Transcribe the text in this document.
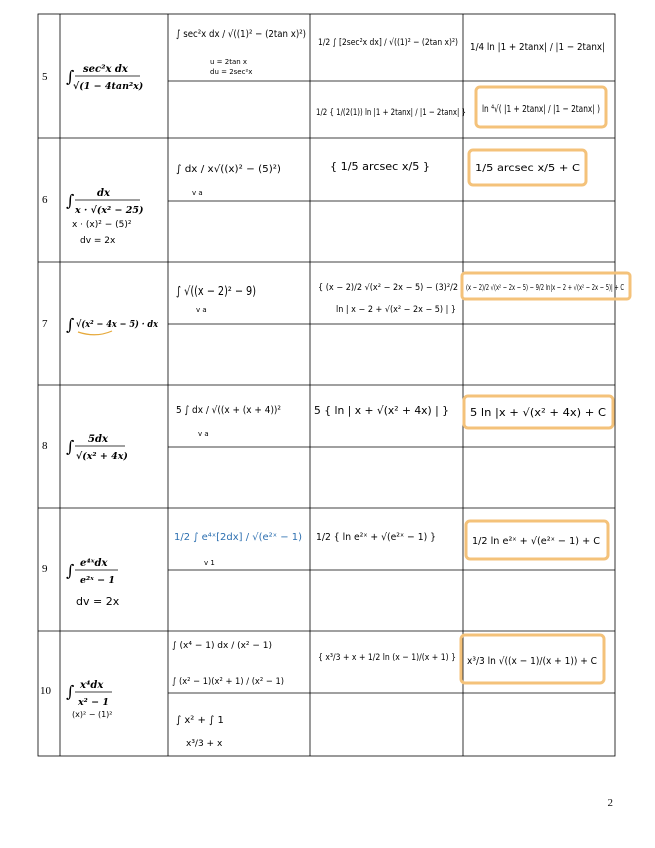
5 ∫ sec²x dx
√(1 − 4tan²x)
∫ sec²x dx / √((1)² − (2tan x)²)
u = 2tan x
du = 2sec²x
1/2 ∫ [2sec²x dx] / √((1)² − (2tan x)²)
1/2 { 1/(2(1)) ln |1 + 2tanx| / |1 − 2tanx| }
1/4 ln |1 + 2tanx| / |1 − 2tanx|
ln ⁴√( |1 + 2tanx| / |1 − 2tanx| )
6 ∫ dx
x · √(x² − 25)
x · (x)² − (5)²
dv = 2x
∫ dx / x√((x)² − (5)²)
v a
{ 1/5 arcsec x/5 }	1/5 arcsec x/5 + C
7 ∫ √(x² − 4x − 5) · dx
∫ √((x − 2)² − 9)
v a
{ (x − 2)/2 √(x² − 2x − 5) − (3)²/2
ln | x − 2 + √(x² − 2x − 5) | }
(x − 2)/2 √(x² − 2x − 5) − 9/2 ln|x − 2 + √(x² − 2x − 5)| + C
8 ∫ 5dx
√(x² + 4x)
5 ∫ dx / √((x + (x + 4))²
v a
5 { ln | x + √(x² + 4x) | } 5 ln |x + √(x² + 4x) + C
9 ∫ e⁴ˣdx
e²ˣ − 1
dv = 2x
1/2 ∫ e⁴ˣ[2dx] / √(e²ˣ − 1)
v 1
1/2 { ln e²ˣ + √(e²ˣ − 1) }	1/2 ln e²ˣ + √(e²ˣ − 1) + C
10 ∫ x⁴dx
x² − 1
(x)² − (1)²
∫ (x⁴ − 1) dx / (x² − 1)
∫ (x² − 1)(x² + 1) / (x² − 1)
∫ x² + ∫ 1
x³/3 + x
{ x³/3 + x + 1/2 ln (x − 1)/(x + 1) } x³/3 ln √((x − 1)/(x + 1)) + C
2
